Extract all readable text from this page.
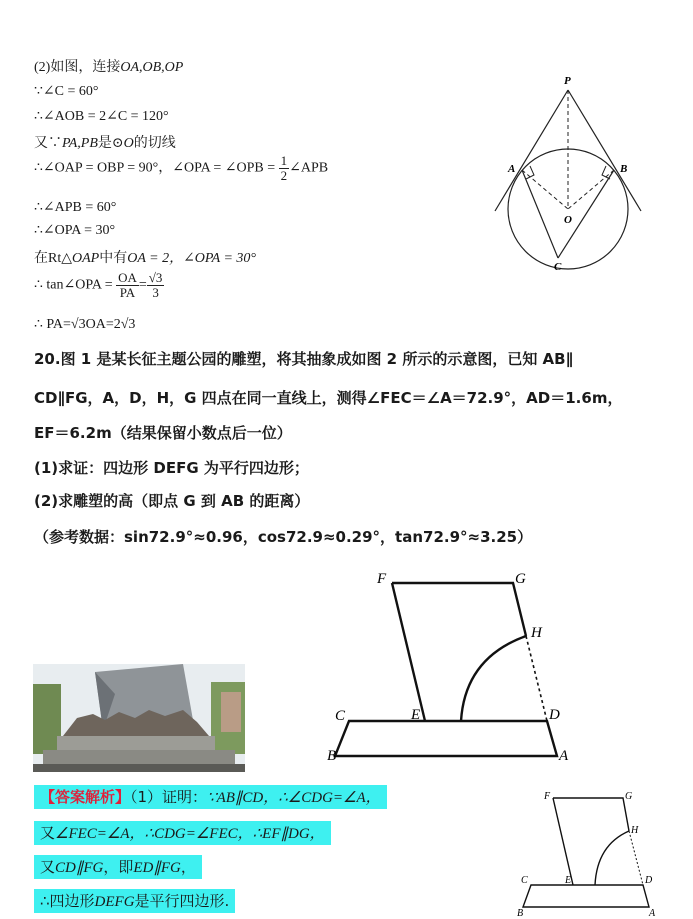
(2)如图，连接OA,OB,OP
∵∠C = 60°
∴∠AOB = 2∠C = 120°
又∵PA,PB是⊙O的切线
∴∠OAP = OBP = 90°，∠OPA = ∠OPB = $\frac{1}{2}$ ∠APB
∴∠APB = 60°
∴∠OPA = 30°
在Rt△OAP中有OA = 2，∠OPA = 30°
∴ tan∠OPA = $\frac{OA}{PA} = \frac{√3}{3}$
∴ PA=√3OA=2√3
P
A	B
O
C
20.图 1 是某长征主题公园的雕塑，将其抽象成如图 2 所示的示意图，已知 AB∥
CD∥FG，A，D，H，G 四点在同一直线上，测得∠FEC＝∠A＝72.9°，AD＝1.6m，
EF＝6.2m（结果保留小数点后一位）
(1)求证：四边形 DEFG 为平行四边形；
(2)求雕塑的高（即点 G 到 AB 的距离）
（参考数据：sin72.9°≈0.96，cos72.9≈0.29°，tan72.9°≈3.25）
F	G
H
C	E	D
B	A
【答案解析】（1）证明：∵AB∥CD，∴∠CDG=∠A，
又∠FEC=∠A，∴CDG=∠FEC，∴EF∥DG，
又CD∥FG，即ED∥FG，
∴四边形DEFG是平行四边形.
F	G
H
C	E	D
B	A
